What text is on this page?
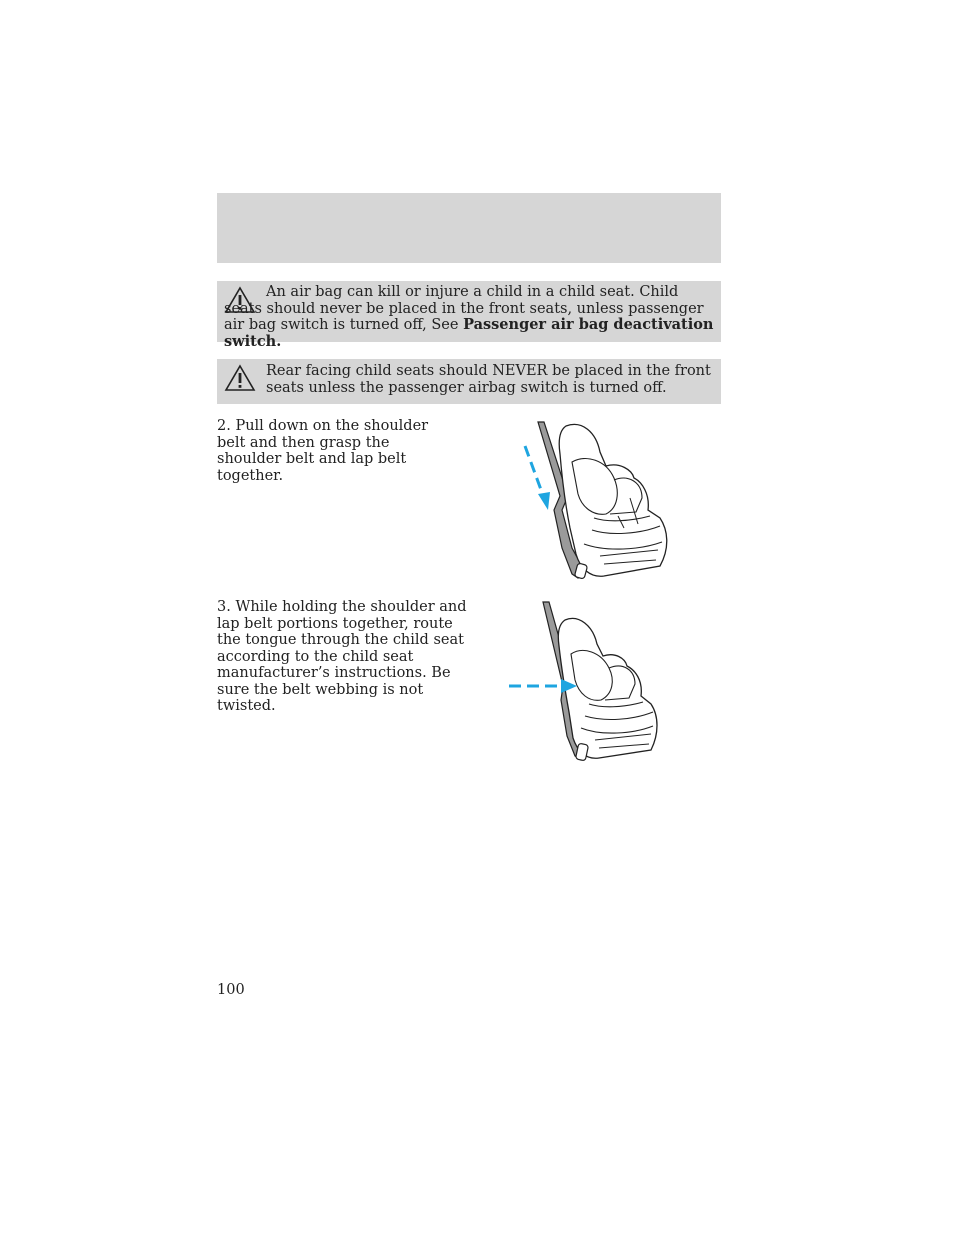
An air bag can kill or injure a child in a child seat. Child seats should never be placed in the front seats, unless passenger air bag switch is turned off, See Passenger air bag deactivation switch.
Rear facing child seats should NEVER be placed in the front seats unless the passenger airbag switch is turned off.
2. Pull down on the shoulder belt and then grasp the shoulder belt and lap belt together.
3. While holding the shoulder and lap belt portions together, route the tongue through the child seat according to the child seat manufacturer’s instructions. Be sure the belt webbing is not twisted.
100
